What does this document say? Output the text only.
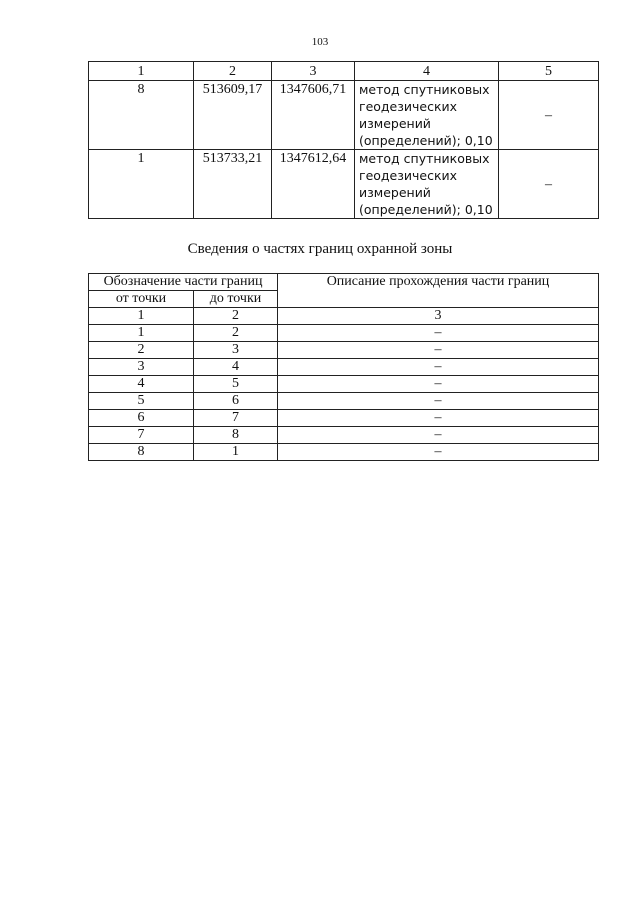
103
1	2	3	4	5
8	513609,17	1347606,71	метод спутниковых
геодезических
измерений
(определений); 0,10	–
1	513733,21	1347612,64	метод спутниковых
геодезических
измерений
(определений); 0,10	–
Сведения о частях границ охранной зоны
Обозначение части границ		Описание прохождения части границ
от точки	до точки	
1	2	3
1	2	–
2	3	–
3	4	–
4	5	–
5	6	–
6	7	–
7	8	–
8	1	–
